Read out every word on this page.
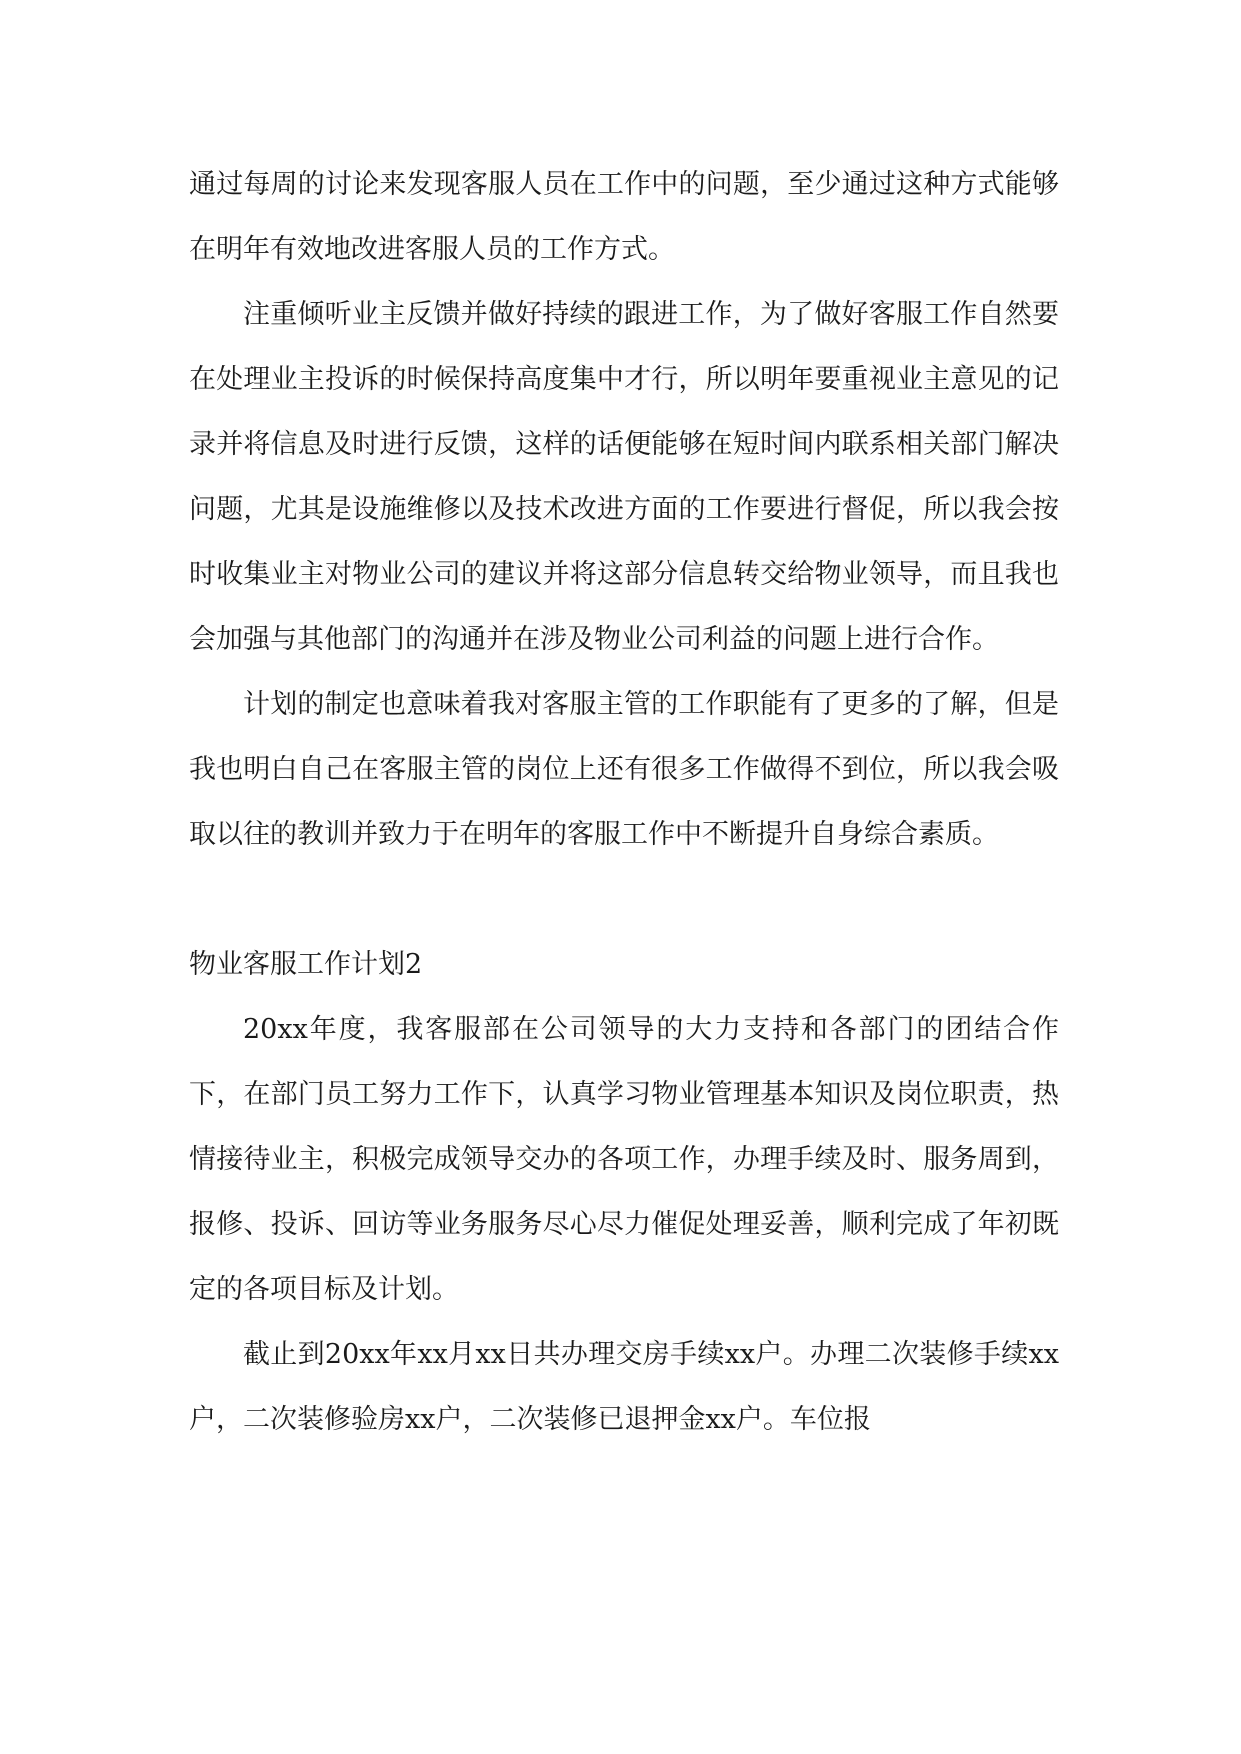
通过每周的讨论来发现客服人员在工作中的问题，至少通过这种方式能够在明年有效地改进客服人员的工作方式。

注重倾听业主反馈并做好持续的跟进工作，为了做好客服工作自然要在处理业主投诉的时候保持高度集中才行，所以明年要重视业主意见的记录并将信息及时进行反馈，这样的话便能够在短时间内联系相关部门解决问题，尤其是设施维修以及技术改进方面的工作要进行督促，所以我会按时收集业主对物业公司的建议并将这部分信息转交给物业领导，而且我也会加强与其他部门的沟通并在涉及物业公司利益的问题上进行合作。

计划的制定也意味着我对客服主管的工作职能有了更多的了解，但是我也明白自己在客服主管的岗位上还有很多工作做得不到位，所以我会吸取以往的教训并致力于在明年的客服工作中不断提升自身综合素质。

物业客服工作计划2

20xx年度，我客服部在公司领导的大力支持和各部门的团结合作下，在部门员工努力工作下，认真学习物业管理基本知识及岗位职责，热情接待业主，积极完成领导交办的各项工作，办理手续及时、服务周到，报修、投诉、回访等业务服务尽心尽力催促处理妥善，顺利完成了年初既定的各项目标及计划。

截止到20xx年xx月xx日共办理交房手续xx户。办理二次装修手续xx户，二次装修验房xx户，二次装修已退押金xx户。车位报
